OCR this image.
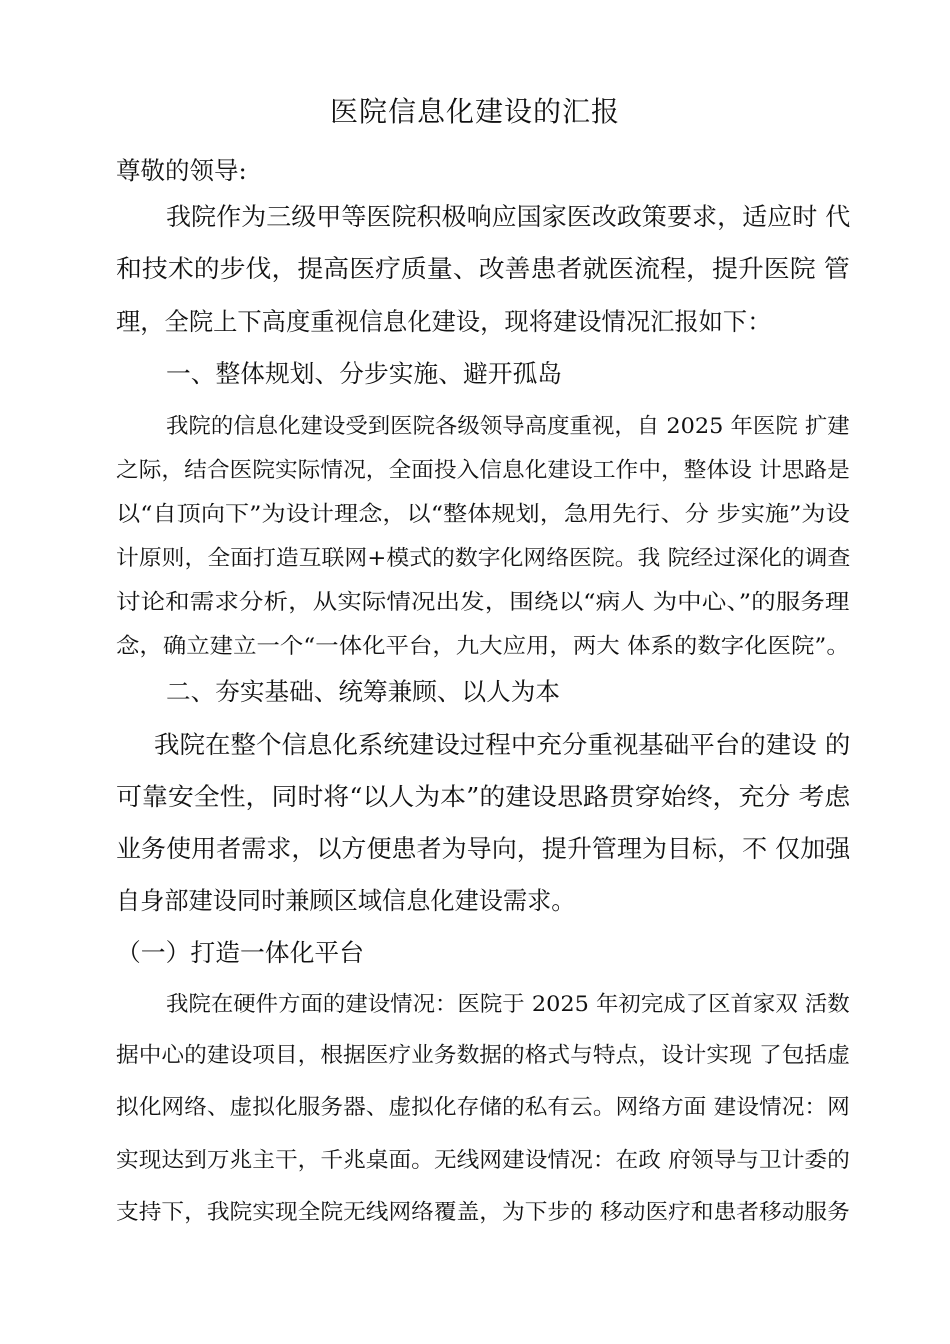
医院信息化建设的汇报
尊敬的领导:
我院作为三级甲等医院积极响应国家医改政策要求，适应时 代
和技术的步伐，提高医疗质量、改善患者就医流程，提升医院 管
理，全院上下高度重视信息化建设，现将建设情况汇报如下：
一、整体规划、分步实施、避开孤岛
我院的信息化建设受到医院各级领导高度重视，自 2025 年医院 扩建
之际，结合医院实际情况，全面投入信息化建设工作中，整体设 计思路是
以“自顶向下”为设计理念，以“整体规划，急用先行、分 步实施”为设
计原则，全面打造互联网+模式的数字化网络医院。我 院经过深化的调查
讨论和需求分析，从实际情况出发，围绕以“病人 为中心、”的服务理
念，确立建立一个“一体化平台，九大应用，两大 体系的数字化医院”。
二、夯实基础、统筹兼顾、以人为本
我院在整个信息化系统建设过程中充分重视基础平台的建设 的
可靠安全性，同时将“以人为本”的建设思路贯穿始终，充分 考虑
业务使用者需求，以方便患者为导向，提升管理为目标，不 仅加强
自身部建设同时兼顾区域信息化建设需求。
（一）打造一体化平台
我院在硬件方面的建设情况：医院于 2025 年初完成了区首家双 活数
据中心的建设项目，根据医疗业务数据的格式与特点，设计实现 了包括虚
拟化网络、虚拟化服务器、虚拟化存储的私有云。网络方面 建设情况：网
实现达到万兆主干，千兆桌面。无线网建设情况：在政 府领导与卫计委的
支持下，我院实现全院无线网络覆盖，为下步的 移动医疗和患者移动服务
